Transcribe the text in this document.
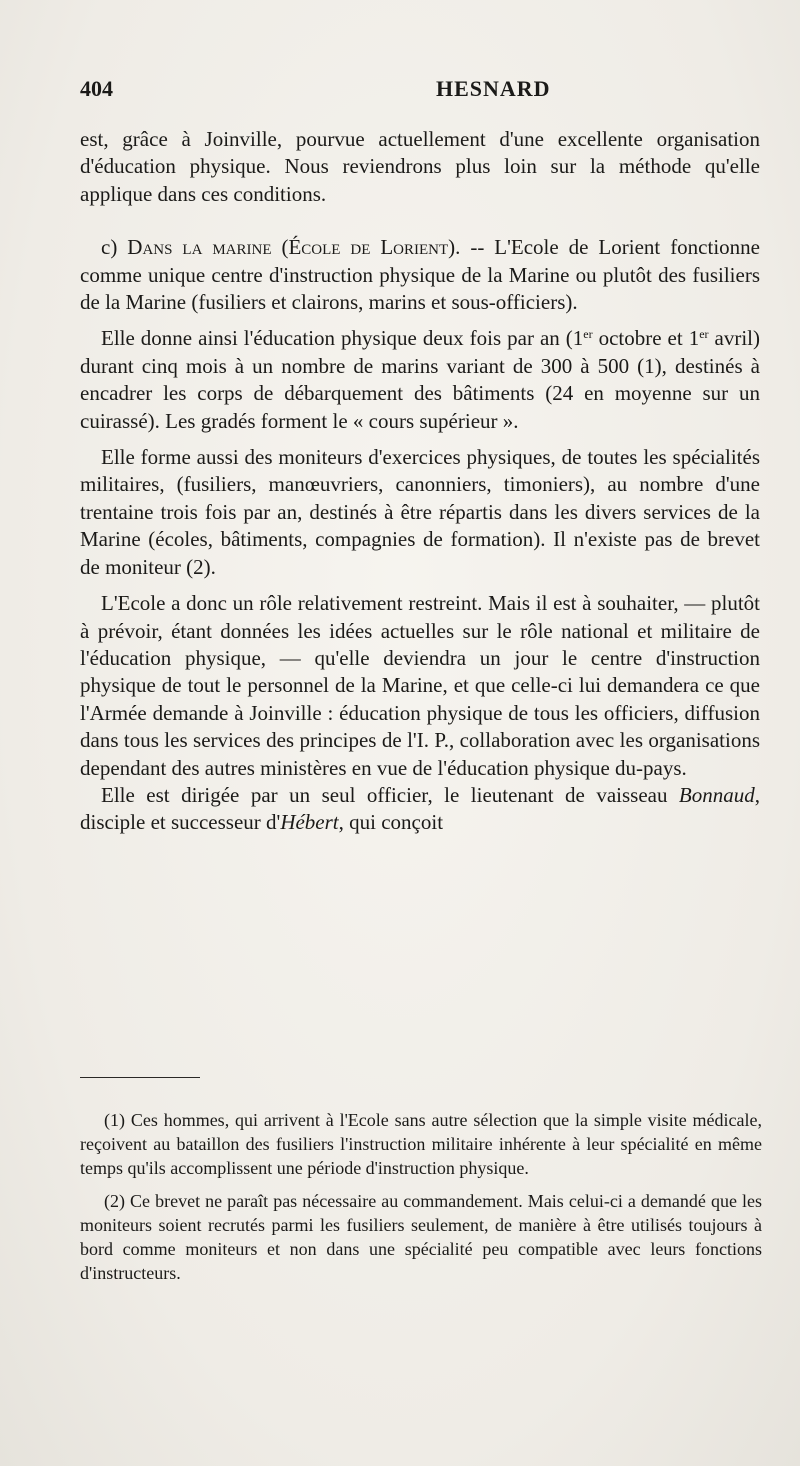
404	HESNARD

est, grâce à Joinville, pourvue actuellement d'une excellente organisation d'éducation physique. Nous reviendrons plus loin sur la méthode qu'elle applique dans ces conditions.

c) Dans la marine (École de Lorient). -- L'Ecole de Lorient fonctionne comme unique centre d'instruction physique de la Marine ou plutôt des fusiliers de la Marine (fusiliers et clairons, marins et sous-officiers).

Elle donne ainsi l'éducation physique deux fois par an (1er octobre et 1er avril) durant cinq mois à un nombre de marins variant de 300 à 500 (1), destinés à encadrer les corps de débarquement des bâtiments (24 en moyenne sur un cuirassé). Les gradés forment le « cours supérieur ».

Elle forme aussi des moniteurs d'exercices physiques, de toutes les spécialités militaires, (fusiliers, manœuvriers, canonniers, timoniers), au nombre d'une trentaine trois fois par an, destinés à être répartis dans les divers services de la Marine (écoles, bâtiments, compagnies de formation). Il n'existe pas de brevet de moniteur (2).

L'Ecole a donc un rôle relativement restreint. Mais il est à souhaiter, — plutôt à prévoir, étant données les idées actuelles sur le rôle national et militaire de l'éducation physique, — qu'elle deviendra un jour le centre d'instruction physique de tout le personnel de la Marine, et que celle-ci lui demandera ce que l'Armée demande à Joinville : éducation physique de tous les officiers, diffusion dans tous les services des principes de l'I. P., collaboration avec les organisations dependant des autres ministères en vue de l'éducation physique du-pays.

Elle est dirigée par un seul officier, le lieutenant de vaisseau Bonnaud, disciple et successeur d'Hébert, qui conçoit

(1) Ces hommes, qui arrivent à l'Ecole sans autre sélection que la simple visite médicale, reçoivent au bataillon des fusiliers l'instruction militaire inhérente à leur spécialité en même temps qu'ils accomplissent une période d'instruction physique.

(2) Ce brevet ne paraît pas nécessaire au commandement. Mais celui-ci a demandé que les moniteurs soient recrutés parmi les fusiliers seulement, de manière à être utilisés toujours à bord comme moniteurs et non dans une spécialité peu compatible avec leurs fonctions d'instructeurs.
